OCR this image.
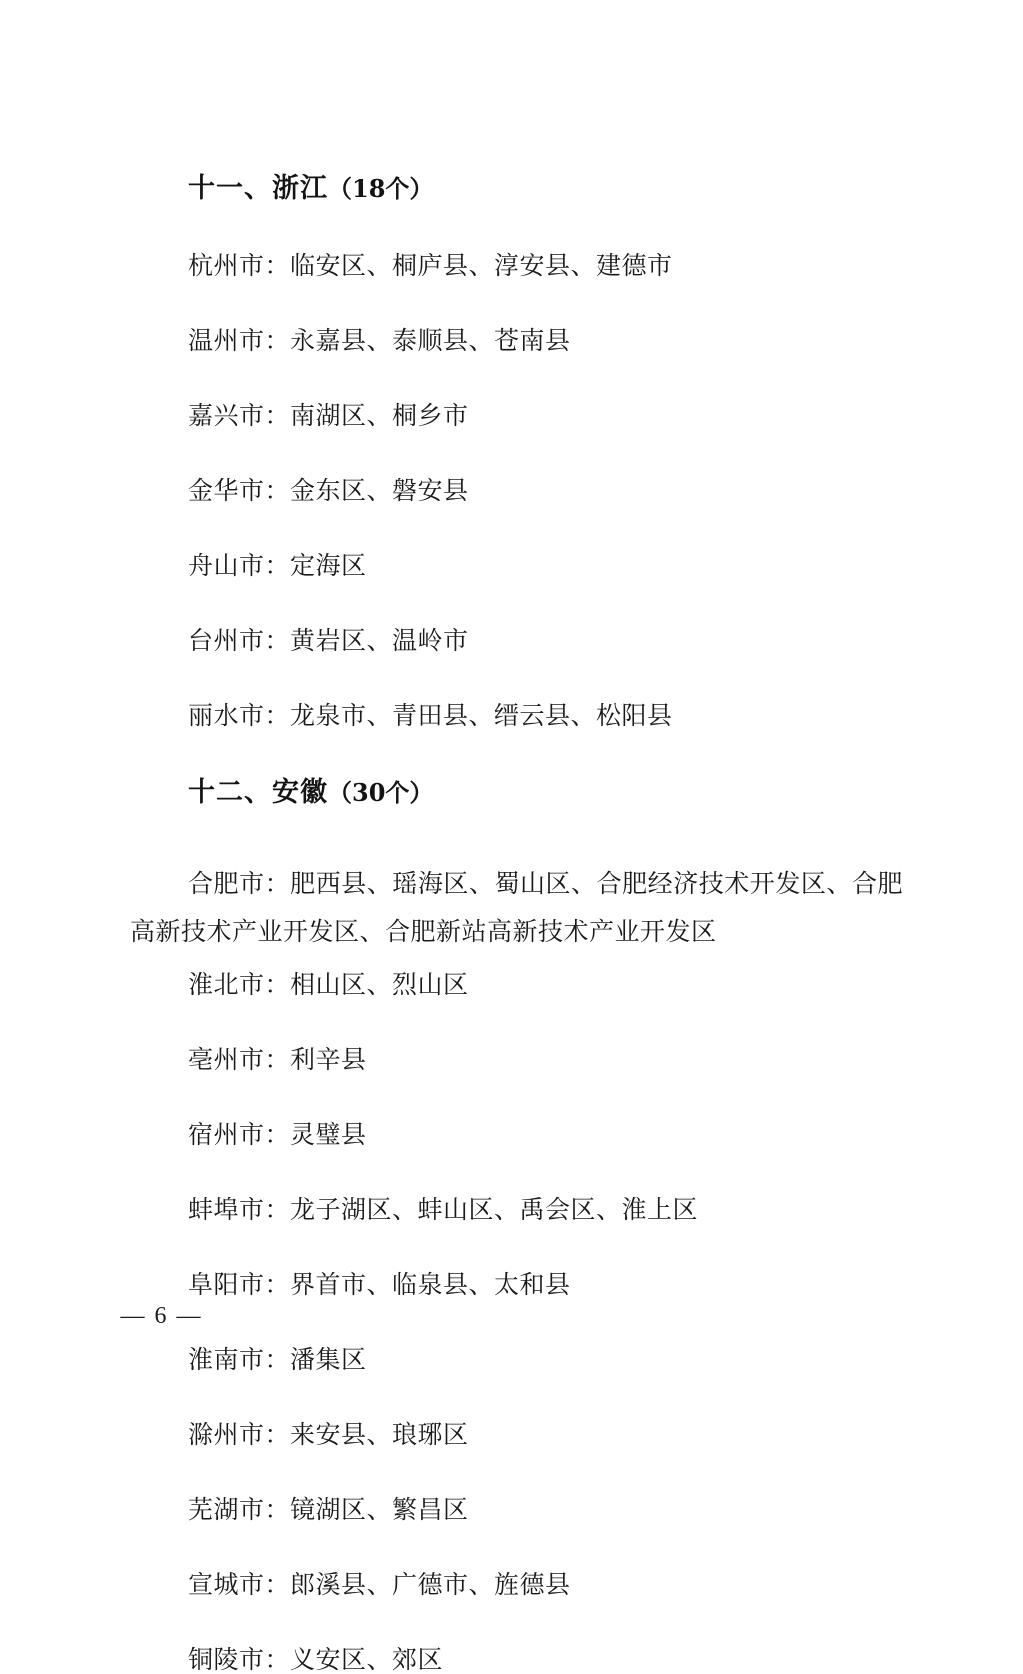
十一、浙江（18个）
杭州市：临安区、桐庐县、淳安县、建德市
温州市：永嘉县、泰顺县、苍南县
嘉兴市：南湖区、桐乡市
金华市：金东区、磐安县
舟山市：定海区
台州市：黄岩区、温岭市
丽水市：龙泉市、青田县、缙云县、松阳县
十二、安徽（30个）
合肥市：肥西县、瑶海区、蜀山区、合肥经济技术开发区、合肥高新技术产业开发区、合肥新站高新技术产业开发区
淮北市：相山区、烈山区
亳州市：利辛县
宿州市：灵璧县
蚌埠市：龙子湖区、蚌山区、禹会区、淮上区
阜阳市：界首市、临泉县、太和县
淮南市：潘集区
滁州市：来安县、琅琊区
芜湖市：镜湖区、繁昌区
宣城市：郎溪县、广德市、旌德县
铜陵市：义安区、郊区
— 6 —
